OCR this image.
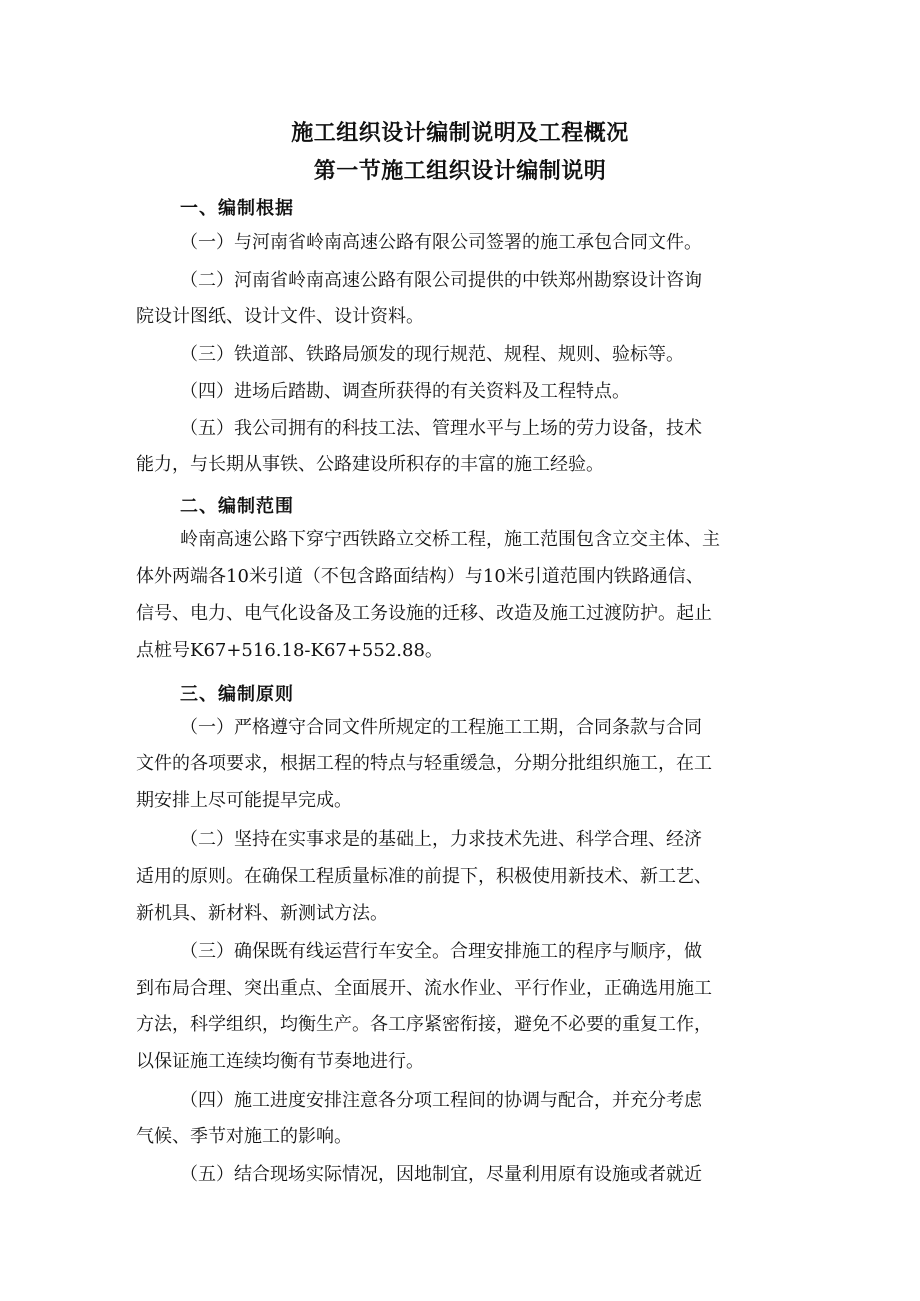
施工组织设计编制说明及工程概况
第一节施工组织设计编制说明
一、编制根据
（一）与河南省岭南高速公路有限公司签署的施工承包合同文件。
（二）河南省岭南高速公路有限公司提供的中铁郑州勘察设计咨询
院设计图纸、设计文件、设计资料。
（三）铁道部、铁路局颁发的现行规范、规程、规则、验标等。
（四）进场后踏勘、调查所获得的有关资料及工程特点。
（五）我公司拥有的科技工法、管理水平与上场的劳力设备，技术
能力，与长期从事铁、公路建设所积存的丰富的施工经验。
二、编制范围
岭南高速公路下穿宁西铁路立交桥工程，施工范围包含立交主体、主
体外两端各10米引道（不包含路面结构）与10米引道范围内铁路通信、
信号、电力、电气化设备及工务设施的迁移、改造及施工过渡防护。起止
点桩号K67+516.18-K67+552.88。
三、编制原则
（一）严格遵守合同文件所规定的工程施工工期，合同条款与合同
文件的各项要求，根据工程的特点与轻重缓急，分期分批组织施工，在工
期安排上尽可能提早完成。
（二）坚持在实事求是的基础上，力求技术先进、科学合理、经济
适用的原则。在确保工程质量标准的前提下，积极使用新技术、新工艺、
新机具、新材料、新测试方法。
（三）确保既有线运营行车安全。合理安排施工的程序与顺序，做
到布局合理、突出重点、全面展开、流水作业、平行作业，正确选用施工
方法，科学组织，均衡生产。各工序紧密衔接，避免不必要的重复工作，
以保证施工连续均衡有节奏地进行。
（四）施工进度安排注意各分项工程间的协调与配合，并充分考虑
气候、季节对施工的影响。
（五）结合现场实际情况，因地制宜，尽量利用原有设施或者就近
